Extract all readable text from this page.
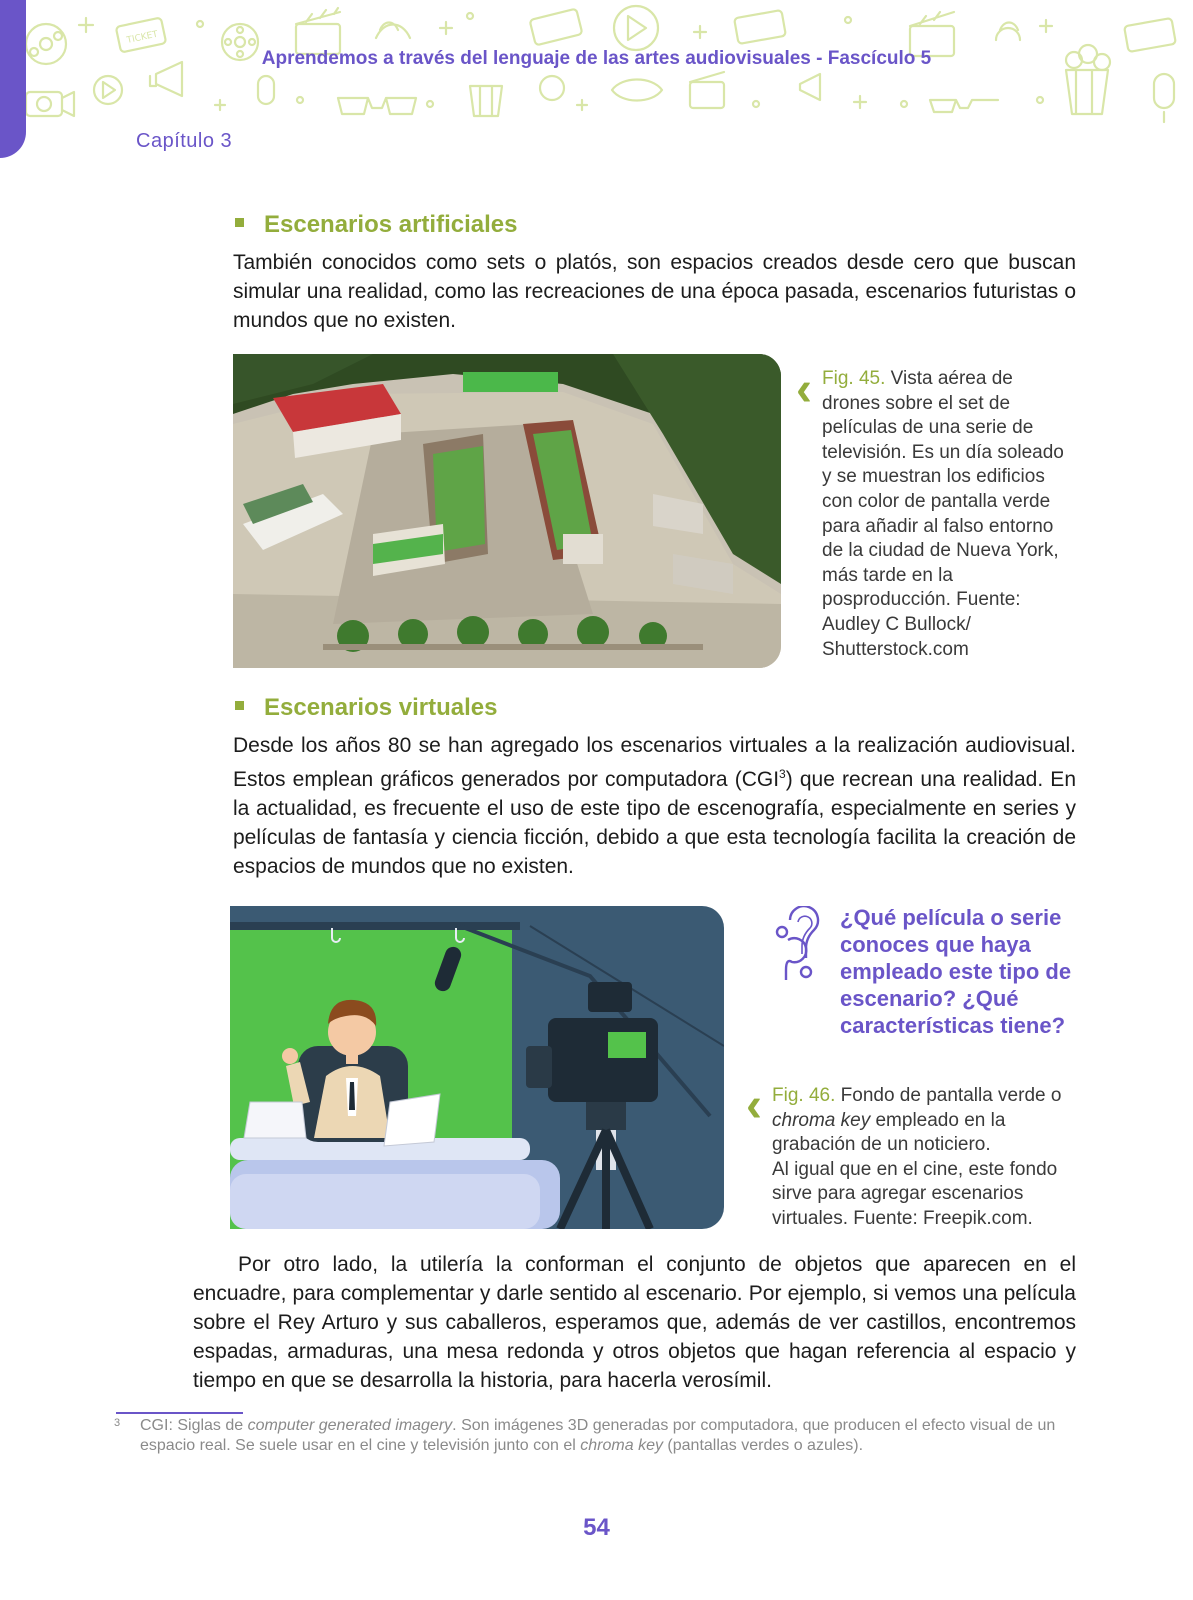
TICKET
Aprendemos a través del lenguaje de las artes audiovisuales - Fascículo 5
Capítulo 3
Escenarios artificiales
También conocidos como sets o platós, son espacios creados desde cero que buscan simular una realidad, como las recreaciones de una época pasada, escenarios futuristas o mundos que no existen.
‹ Fig. 45. Vista aérea de drones sobre el set de películas de una serie de televisión. Es un día soleado y se muestran los edificios con color de pantalla verde para añadir al falso entorno de la ciudad de Nueva York, más tarde en la posproducción. Fuente: Audley C Bullock/ Shutterstock.com
Escenarios virtuales
Desde los años 80 se han agregado los escenarios virtuales a la realización audiovisual. Estos emplean gráficos generados por computadora (CGI$^3$) que recrean una realidad. En la actualidad, es frecuente el uso de este tipo de escenografía, especialmente en series y películas de fantasía y ciencia ficción, debido a que esta tecnología facilita la creación de espacios de mundos que no existen.
¿Qué película o serie conoces que haya empleado este tipo de escenario? ¿Qué características tiene?
‹ Fig. 46. Fondo de pantalla verde o chroma key empleado en la grabación de un noticiero.
Al igual que en el cine, este fondo sirve para agregar escenarios virtuales. Fuente: Freepik.com.
Por otro lado, la utilería la conforman el conjunto de objetos que aparecen en el encuadre, para complementar y darle sentido al escenario. Por ejemplo, si vemos una película sobre el Rey Arturo y sus caballeros, esperamos que, además de ver castillos, encontremos espadas, armaduras, una mesa redonda y otros objetos que hagan referencia al espacio y tiempo en que se desarrolla la historia, para hacerla verosímil.
3 CGI: Siglas de computer generated imagery. Son imágenes 3D generadas por computadora, que producen el efecto visual de un espacio real. Se suele usar en el cine y televisión junto con el chroma key (pantallas verdes o azules).
54
